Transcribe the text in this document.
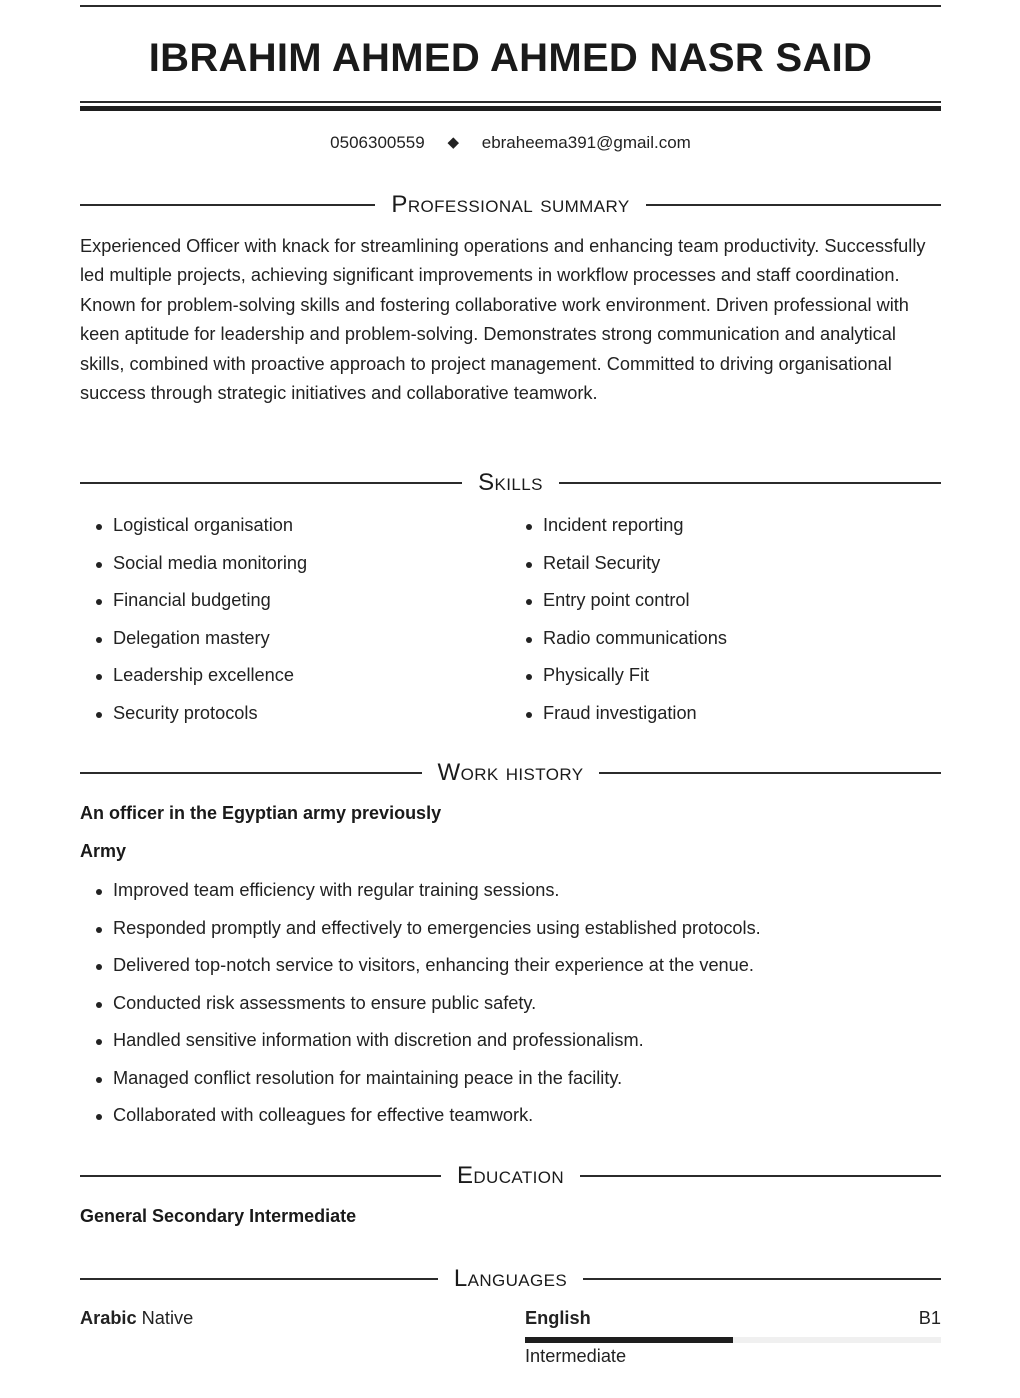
IBRAHIM AHMED AHMED NASR SAID
0506300559 ◆ ebraheema391@gmail.com
Professional summary
Experienced Officer with knack for streamlining operations and enhancing team productivity. Successfully led multiple projects, achieving significant improvements in workflow processes and staff coordination. Known for problem-solving skills and fostering collaborative work environment. Driven professional with keen aptitude for leadership and problem-solving. Demonstrates strong communication and analytical skills, combined with proactive approach to project management. Committed to driving organisational success through strategic initiatives and collaborative teamwork.
Skills
Logistical organisation
Social media monitoring
Financial budgeting
Delegation mastery
Leadership excellence
Security protocols
Incident reporting
Retail Security
Entry point control
Radio communications
Physically Fit
Fraud investigation
Work history
An officer in the Egyptian army previously
Army
Improved team efficiency with regular training sessions.
Responded promptly and effectively to emergencies using established protocols.
Delivered top-notch service to visitors, enhancing their experience at the venue.
Conducted risk assessments to ensure public safety.
Handled sensitive information with discretion and professionalism.
Managed conflict resolution for maintaining peace in the facility.
Collaborated with colleagues for effective teamwork.
Education
General Secondary Intermediate
Languages
Arabic Native	English	B1
Intermediate
